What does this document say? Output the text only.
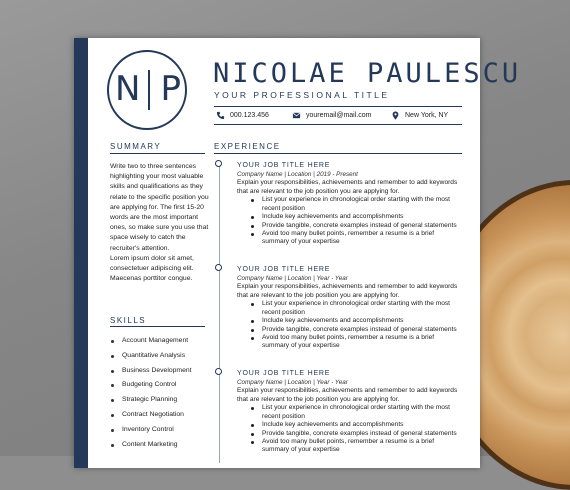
N P NICOLAE PAULESCU
YOUR PROFESSIONAL TITLE
000.123.456	youremail@mail.com	New York, NY
SUMMARY

Write two to three sentences highlighting your most valuable skills and qualifications as they relate to the specific position you are applying for. The first 15-20 words are the most important ones, so make sure you use that space wisely to catch the recruiter's attention.

Lorem ipsum dolor sit amet, consectetuer adipiscing elit. Maecenas porttitor congue.

SKILLS
Account Management
Quantitative Analysis
Business Development
Budgeting Control
Strategic Planning
Contract Negotiation
Inventory Control
Content Marketing
EXPERIENCE
YOUR JOB TITLE HERE
Company Name | Location | 2019 - Present
Explain your responsibilities, achievements and remember to add keywords that are relevant to the job position you are applying for.
List your experience in chronological order starting with the most recent position
Include key achievements and accomplishments
Provide tangible, concrete examples instead of general statements
Avoid too many bullet points, remember a resume is a brief summary of your expertise
YOUR JOB TITLE HERE
Company Name | Location | Year - Year
Explain your responsibilities, achievements and remember to add keywords that are relevant to the job position you are applying for.
List your experience in chronological order starting with the most recent position
Include key achievements and accomplishments
Provide tangible, concrete examples instead of general statements
Avoid too many bullet points, remember a resume is a brief summary of your expertise
YOUR JOB TITLE HERE
Company Name | Location | Year - Year
Explain your responsibilities, achievements and remember to add keywords that are relevant to the job position you are applying for.
List your experience in chronological order starting with the most recent position
Include key achievements and accomplishments
Provide tangible, concrete examples instead of general statements
Avoid too many bullet points, remember a resume is a brief summary of your expertise
